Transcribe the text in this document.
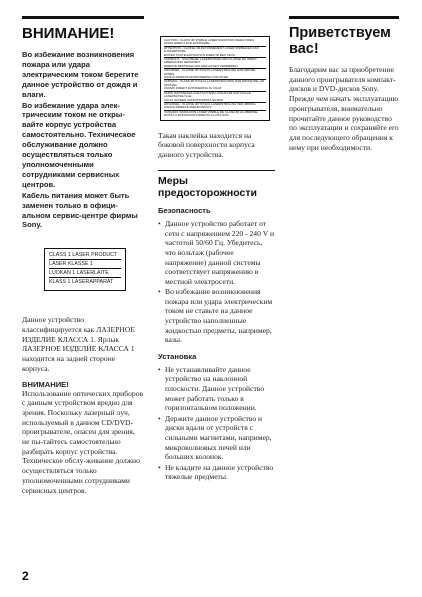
ВНИМАНИЕ!

Во избежание возникновения пожара или удара электрическим током берегите данное устройство от дождя и влаги.

Во избежание удара элек-трическим током не откры-вайте корпус устройства самостоятельно. Техническое обслуживание должно осуществляться только уполномоченными сотрудниками сервисных центров.

Кабель питания может быть заменен только в офици-альном сервис-центре фирмы Sony.

CLASS 1 LASER PRODUCT
LASER KLASSE 1
LUOKAN 1 LASERLAITE
KLASS 1 LASERAPPARAT

Данное устройство классифицируется как ЛАЗЕРНОЕ ИЗДЕЛИЕ КЛАССА 1. Ярлык ЛАЗЕРНОЕ ИЗДЕЛИЕ КЛАССА 1 находится на задней стороне корпуса.

ВНИМАНИЕ!

Использование оптических приборов с данным устройством вредно для зрения. Поскольку лазерный луч, используемый в данном CD/DVD-проигрывателе, опасен для зрения, не пы-тайтесь самостоятельно разбирать корпус устройства. Техническое обслу-живание должно осуществляться только уполномоченными сотрудниками сервисных центров.

CAUTION - CLASS 3R VISIBLE LASER RADIATION WHEN OPEN.
AVOID DIRECT EYE EXPOSURE.
ATTENTION - CLASSE 3R RAYONNEMENT LASER VISIBLE EN CAS D'OUVERTURE.
EVITER TOUTE EXPOSITION DIRECTE DES YEUX.
VORSICHT - SICHTBARE LASERSTRAHLUNG KLASSE 3R, WENN ABDECKUNG GEÖFFNET.
DIREKTE BESTRAHLUNG DER AUGEN VERMEIDEN.
ADVARSEL - KLASSE 3R SYNLIG LASERSTRÅLING NÅR DEKSEL ÅPNES.
UNNGÅ DIREKTE EKSPONERING FOR ØYNE.
VARNING - KLASS 3R SYNLIG LASERSTRÅLNING NÄR DENNA DEL ÄR ÖPPNAD.
UNDVIK DIREKT EXPONERING AV ÖGAT.
VARO! AVATTAESSA OLET ALTTIINA LUOKAN 3R NÄKYVÄLLE LASERSÄTEILYLLE.
VÄLTÄ SÄTEEN KOHDISTUMISTA SILMIIN.
ADVARSEL - KLASSE 3R SYNLIG LASERSTRÅLING VED ÅBNING.
UNDGÅ DIREKTE ØJENKONTAKT.
CUIDADO: RADIACIÓN LÁSER VISIBLE DE CLASE 3R AL ABRIRSE.
EVITE LA EXPOSICIÓN DIRECTA A LOS OJOS.

Такая наклейка находится на боковой поверхности корпуса данного устройства.

Меры предосторожности
Безопасность
• Данное устройство работает от сети с напряжением 220 - 240 V и частотой 50/60 Гц. Убедитесь, что вольтаж (рабочее напряжение) данной системы соответствует напряжению в местной электросети.
• Во избежание возникновения пожара или удара электрическим током не ставьте на данное устройство наполненные жидкостью предметы, например, вазы.
Установка
• Не устанавливайте данное устройство на наклонной плоскости. Данное устройство может работать только в горизонтальном положении.
• Держите данное устройство и диски вдали от устройств с сильными магнитами, например, микроволновых печей или больших колонок.
• Не кладите на данное устройство тяжелые предметы.
Приветствуем вас!

Благодарим вас за приобретение данного проигрывателя компакт-дисков и DVD-дисков Sony. Прежде чем начать эксплуатацию проигрывателя, внимательно прочитайте данное руководство по эксплуатации и сохраняйте его для последующего обращения к нему при необходимости.

2
